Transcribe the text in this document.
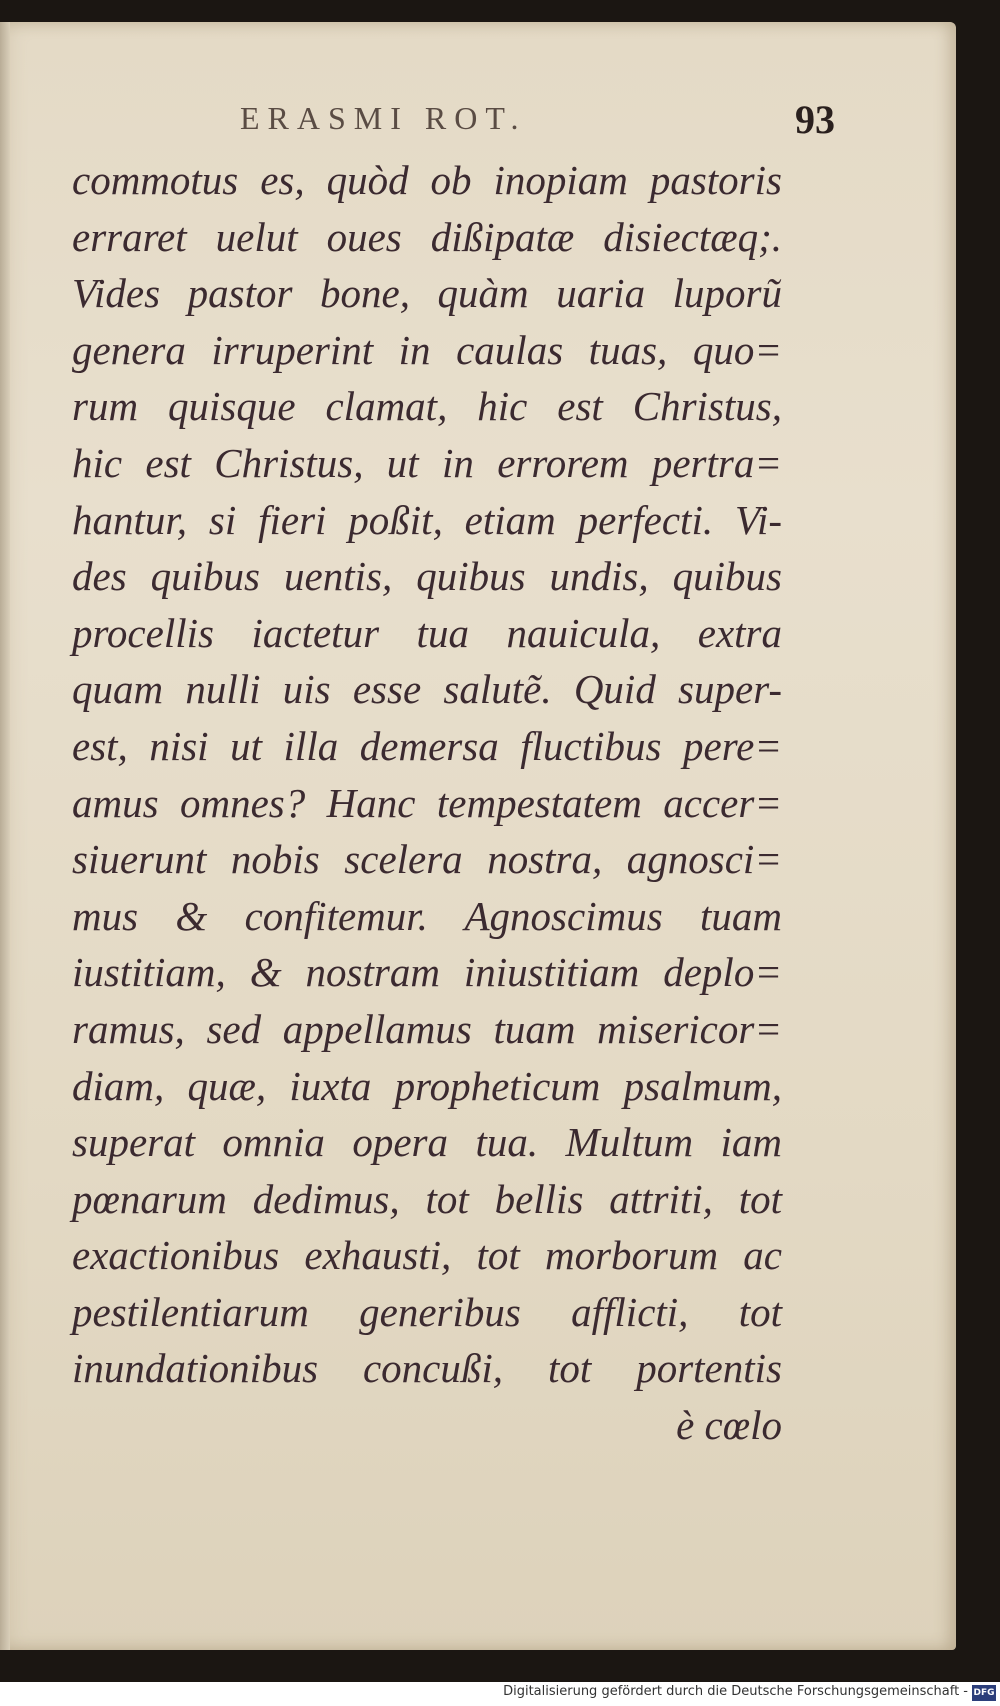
ERASMI ROT.	93
commotus es, quòd ob inopiam pastoris
erraret uelut oues dißipatæ disiectæq;.
Vides pastor bone, quàm uaria luporũ
genera irruperint in caulas tuas, quo=
rum quisque clamat, hic est Christus,
hic est Christus, ut in errorem pertra=
hantur, si fieri poßit, etiam perfecti. Vi-
des quibus uentis, quibus undis, quibus
procellis iactetur tua nauicula, extra
quam nulli uis esse salutẽ. Quid super-
est, nisi ut illa demersa fluctibus pere=
amus omnes? Hanc tempestatem accer=
siuerunt nobis scelera nostra, agnosci=
mus & confitemur. Agnoscimus tuam
iustitiam, & nostram iniustitiam deplo=
ramus, sed appellamus tuam misericor=
diam, quæ, iuxta propheticum psalmum,
superat omnia opera tua. Multum iam
pœnarum dedimus, tot bellis attriti, tot
exactionibus exhausti, tot morborum ac
pestilentiarum generibus afflicti, tot
inundationibus concußi, tot portentis
è cœlo
Digitalisierung gefördert durch die Deutsche Forschungsgemeinschaft - DFG
